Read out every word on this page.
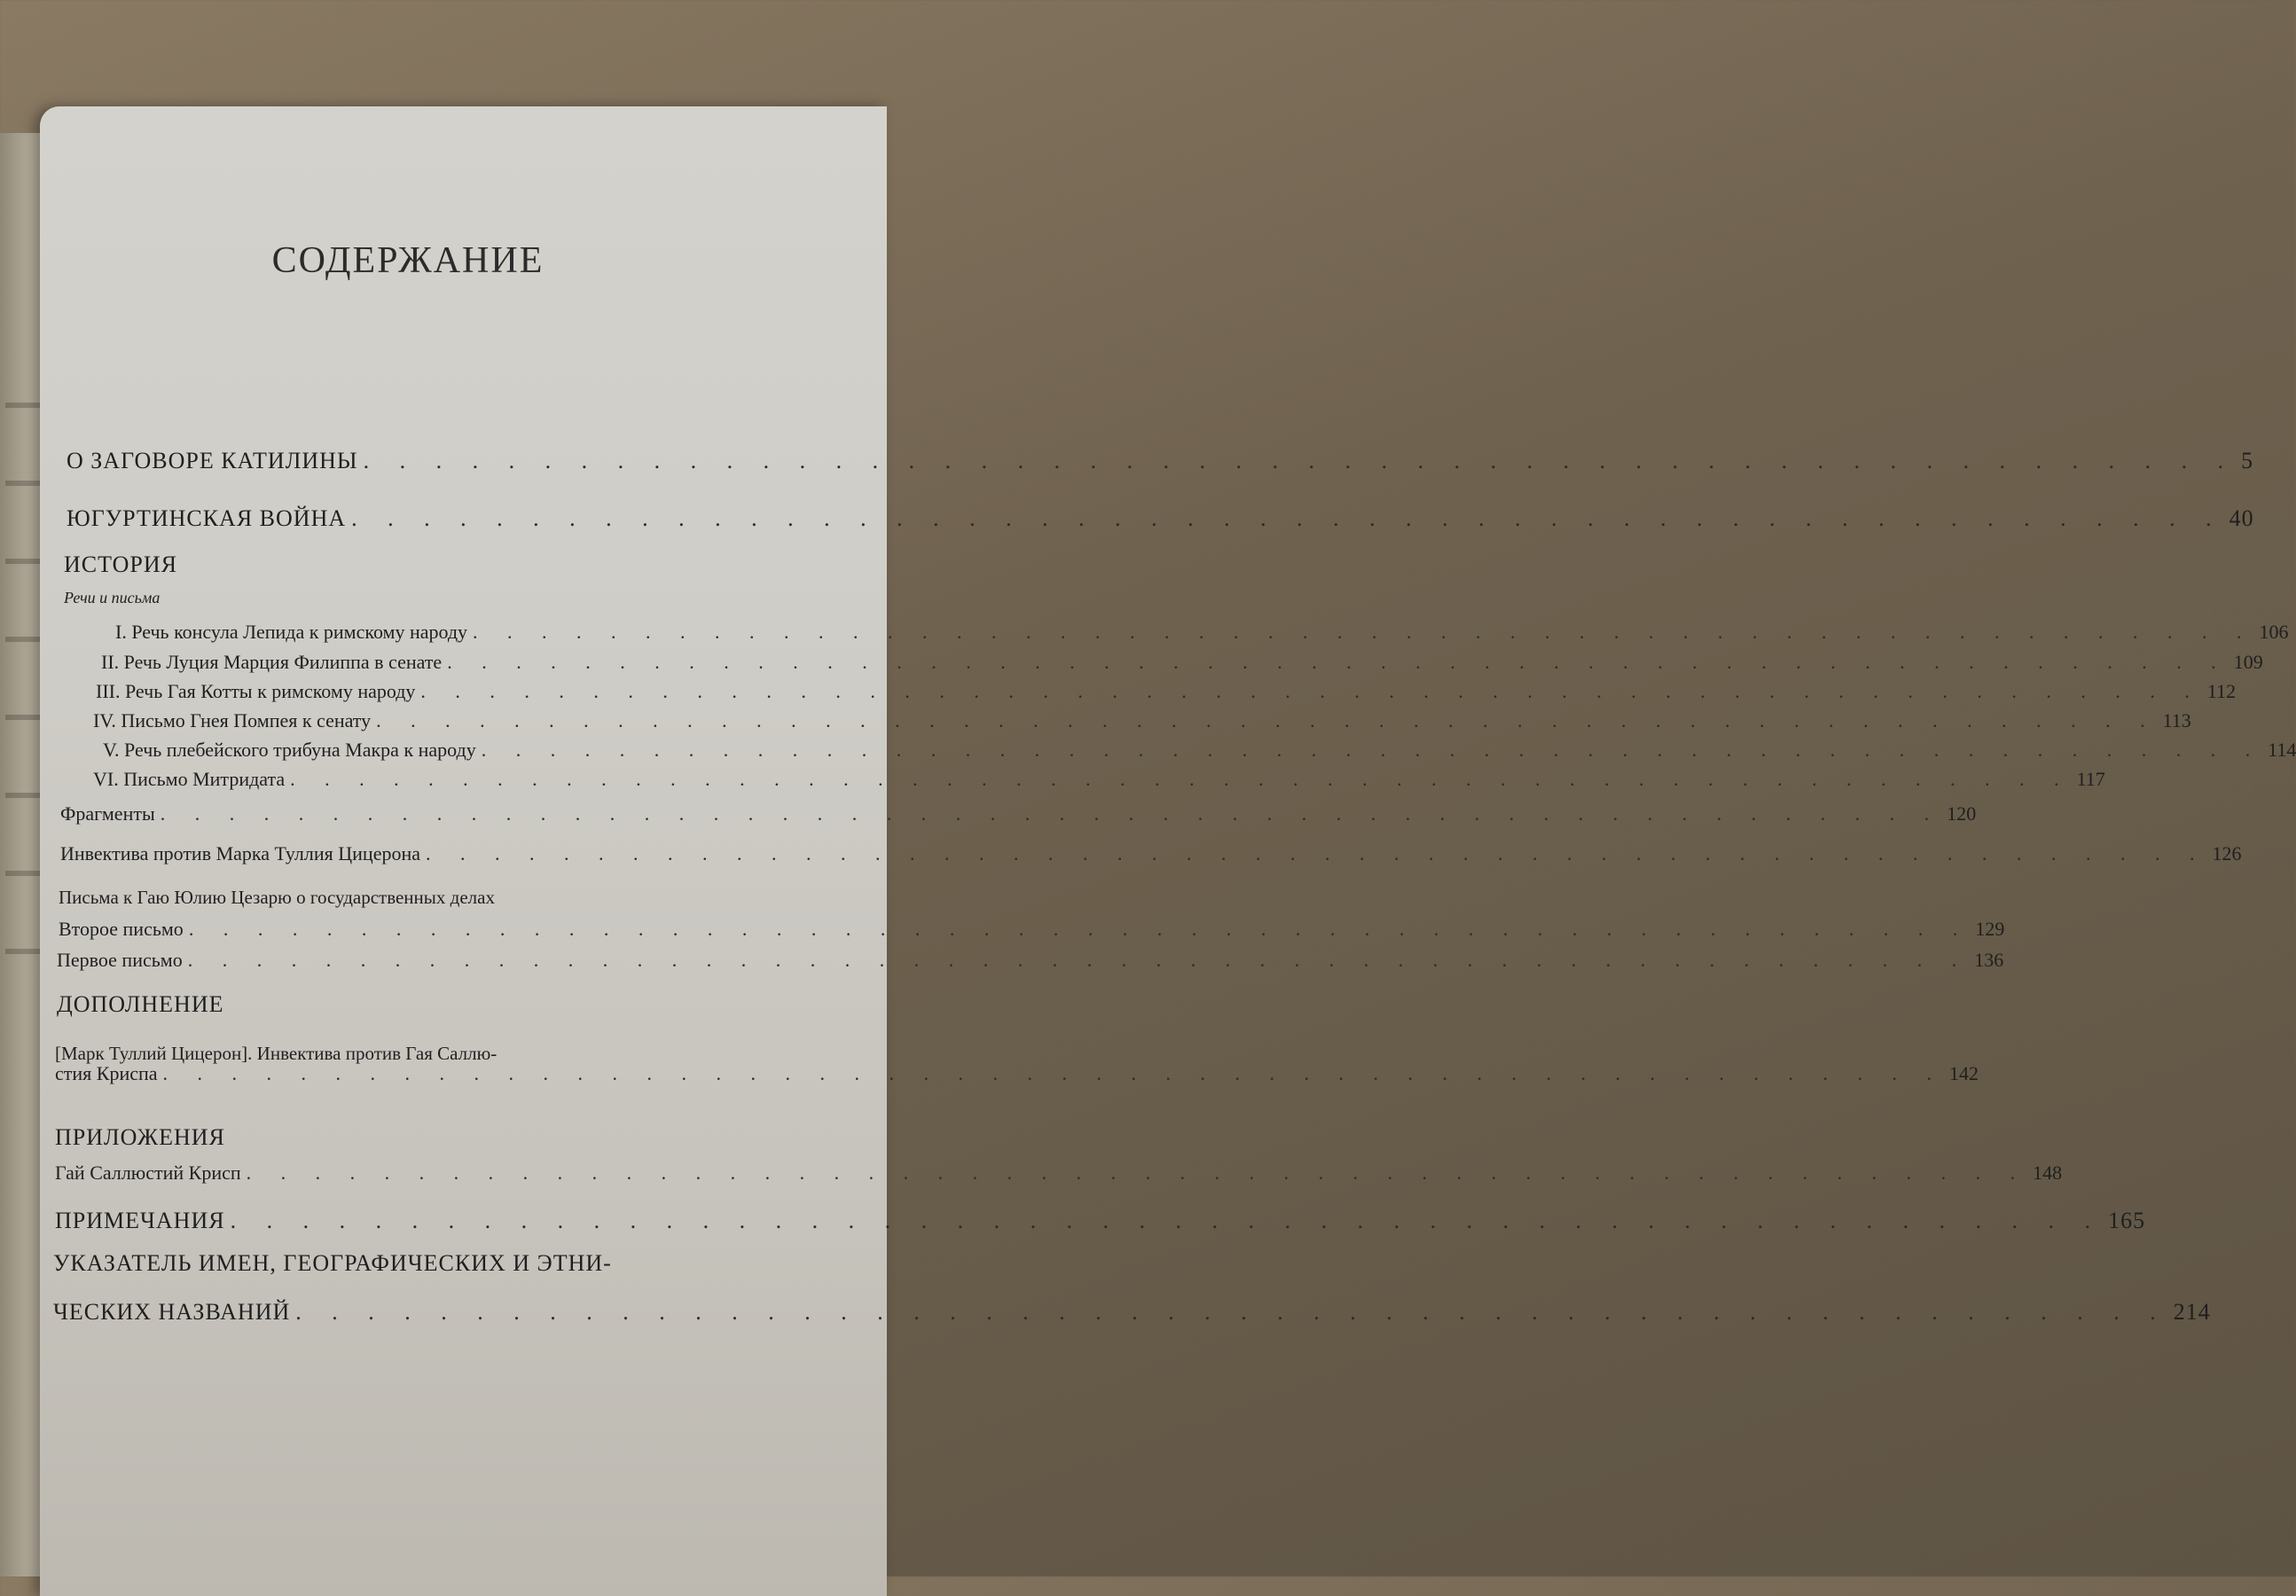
СОДЕРЖАНИЕ
О ЗАГОВОРЕ КАТИЛИНЫ . . . . . . . . . . . . . . . . . . . . . . . . . . . . . . . . . . . . . . . . . . . . . . . . . . . . 5
ЮГУРТИНСКАЯ ВОЙНА . . . . . . . . . . . . . . . . . . . . . . . . . . . . . . . . . . . . . . . . . . . . . . . . . . . . 40
ИСТОРИЯ
Речи и письма
I. Речь консула Лепида к римскому народу . . . . . . . . . . . . . . . . . . . . . . . . . . . . . . . . . . . . . . . . . . . . . . . . . . . . 106
II. Речь Луция Марция Филиппа в сенате . . . . . . . . . . . . . . . . . . . . . . . . . . . . . . . . . . . . . . . . . . . . . . . . . . . . 109
III. Речь Гая Котты к римскому народу . . . . . . . . . . . . . . . . . . . . . . . . . . . . . . . . . . . . . . . . . . . . . . . . . . . . 112
IV. Письмо Гнея Помпея к сенату . . . . . . . . . . . . . . . . . . . . . . . . . . . . . . . . . . . . . . . . . . . . . . . . . . . . 113
V. Речь плебейского трибуна Макра к народу . . . . . . . . . . . . . . . . . . . . . . . . . . . . . . . . . . . . . . . . . . . . . . . . . . . . 114
VI. Письмо Митридата . . . . . . . . . . . . . . . . . . . . . . . . . . . . . . . . . . . . . . . . . . . . . . . . . . . . 117
Фрагменты . . . . . . . . . . . . . . . . . . . . . . . . . . . . . . . . . . . . . . . . . . . . . . . . . . . . 120
Инвектива против Марка Туллия Цицерона . . . . . . . . . . . . . . . . . . . . . . . . . . . . . . . . . . . . . . . . . . . . . . . . . . . . 126
Письма к Гаю Юлию Цезарю о государственных делах
Второе письмо . . . . . . . . . . . . . . . . . . . . . . . . . . . . . . . . . . . . . . . . . . . . . . . . . . . . 129
Первое письмо . . . . . . . . . . . . . . . . . . . . . . . . . . . . . . . . . . . . . . . . . . . . . . . . . . . . 136
ДОПОЛНЕНИЕ
[Марк Туллий Цицерон]. Инвектива против Гая Саллю-
стия Криспа . . . . . . . . . . . . . . . . . . . . . . . . . . . . . . . . . . . . . . . . . . . . . . . . . . . . 142
ПРИЛОЖЕНИЯ
Гай Саллюстий Крисп . . . . . . . . . . . . . . . . . . . . . . . . . . . . . . . . . . . . . . . . . . . . . . . . . . . . 148
ПРИМЕЧАНИЯ . . . . . . . . . . . . . . . . . . . . . . . . . . . . . . . . . . . . . . . . . . . . . . . . . . . . 165
УКАЗАТЕЛЬ ИМЕН, ГЕОГРАФИЧЕСКИХ И ЭТНИ-
ЧЕСКИХ НАЗВАНИЙ . . . . . . . . . . . . . . . . . . . . . . . . . . . . . . . . . . . . . . . . . . . . . . . . . . . . 214
